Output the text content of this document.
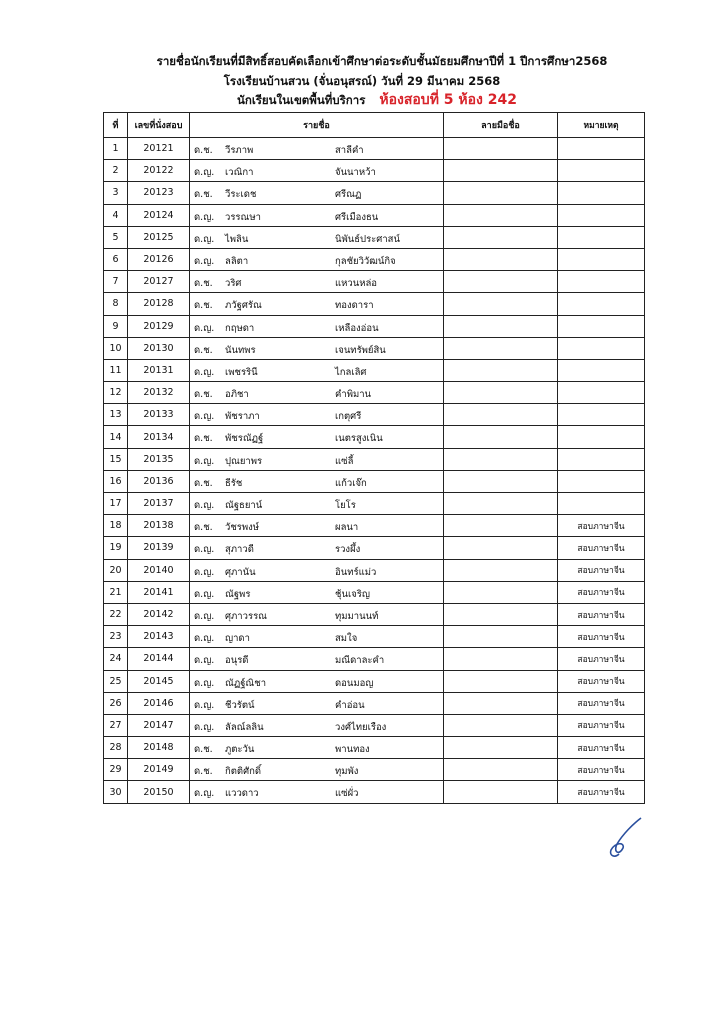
รายชื่อนักเรียนที่มีสิทธิ์สอบคัดเลือกเข้าศึกษาต่อระดับชั้นมัธยมศึกษาปีที่ 1 ปีการศึกษา2568
โรงเรียนบ้านสวน (จั่นอนุสรณ์) วันที่ 29 มีนาคม 2568
นักเรียนในเขตพื้นที่บริการ ห้องสอบที่ 5 ห้อง 242
ที่	เลขที่นั่งสอบ	รายชื่อ	ลายมือชื่อ	หมายเหตุ
1	20121	ด.ช. วีรภาพ สาลีคำ		

2	20122	ด.ญ. เวณิกา จันนาหว้า		

3	20123	ด.ช. วีระเดช ศรีณฏ		

4	20124	ด.ญ. วรรณษา ศรีเมืองธน		

5	20125	ด.ญ. ไพลิน นิพันธ์ประศาสน์		

6	20126	ด.ญ. ลลิตา กุลชัยวิวัฒน์กิจ		

7	20127	ด.ช. วริศ แหวนหล่อ		

8	20128	ด.ช. ภวัฐศรัณ ทองดารา		

9	20129	ด.ญ. กฤษดา เหลืองอ่อน		

10	20130	ด.ช. นันทพร เจนทรัพย์สิน		

11	20131	ด.ญ. เพชรรินี ไกลเลิศ		

12	20132	ด.ช. อภิชา คำพิมาน		

13	20133	ด.ญ. พัชราภา เกตุศรี		

14	20134	ด.ช. พัชรณัฏฐ์ เนตรสูงเนิน		

15	20135	ด.ญ. ปุณยาพร แซ่ลี้		

16	20136	ด.ช. ธีรัช แก้วเจ๊ก		

17	20137	ด.ญ. ณัฐธยาน์ โยโร		

18	20138	ด.ช. วัชรพงษ์ ผลนา		สอบภาษาจีน
19	20139	ด.ญ. สุภาวดี รวงผึ้ง		สอบภาษาจีน
20	20140	ด.ญ. ศุภานัน อินทร์แม่ว		สอบภาษาจีน
21	20141	ด.ญ. ณัฐพร ชุ้นเจริญ		สอบภาษาจีน
22	20142	ด.ญ. ศุภาวรรณ ทุมมานนท์		สอบภาษาจีน
23	20143	ด.ญ. ญาดา สมใจ		สอบภาษาจีน
24	20144	ด.ญ. อนุรดี มณีดาละคำ		สอบภาษาจีน
25	20145	ด.ญ. ณัฏฐ์ณิชา ดอนมอญ		สอบภาษาจีน
26	20146	ด.ญ. ชีวรัตน์ คำอ่อน		สอบภาษาจีน
27	20147	ด.ญ. ลัลณ์ลลิน วงศ์ไทยเรือง		สอบภาษาจีน
28	20148	ด.ช. ภูตะวัน พานทอง		สอบภาษาจีน
29	20149	ด.ช. กิตติศักดิ์ ทุมพัง		สอบภาษาจีน
30	20150	ด.ญ. แววดาว แซ่ผั่ว		สอบภาษาจีน
